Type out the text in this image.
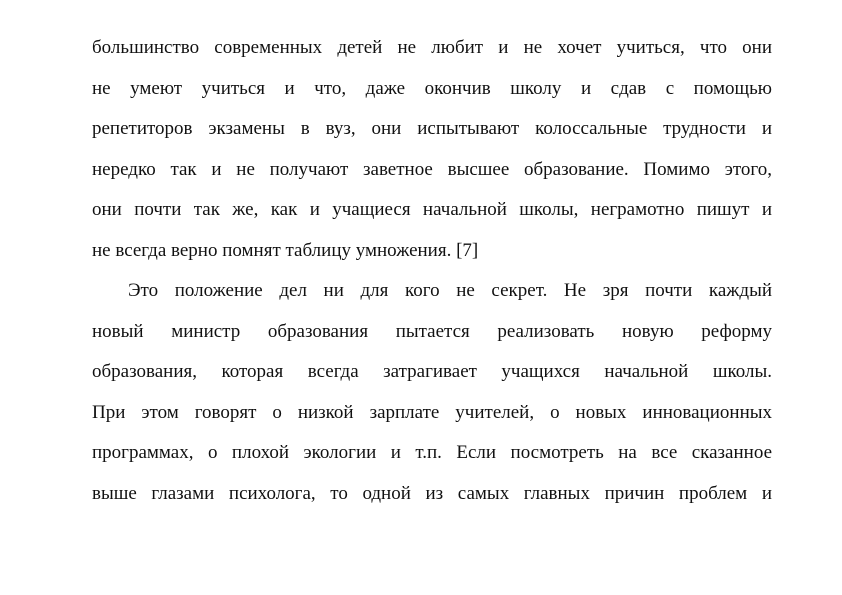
большинство современных детей не любит и не хочет учиться, что они
не умеют учиться и что, даже окончив школу и сдав с помощью
репетиторов экзамены в вуз, они испытывают колоссальные трудности и
нередко так и не получают заветное высшее образование. Помимо этого,
они почти так же, как и учащиеся начальной школы, неграмотно пишут и
не всегда верно помнят таблицу умножения. [7]
Это положение дел ни для кого не секрет. Не зря почти каждый
новый министр образования пытается реализовать новую реформу
образования, которая всегда затрагивает учащихся начальной школы.
При этом говорят о низкой зарплате учителей, о новых инновационных
программах, о плохой экологии и т.п. Если посмотреть на все сказанное
выше глазами психолога, то одной из самых главных причин проблем и
